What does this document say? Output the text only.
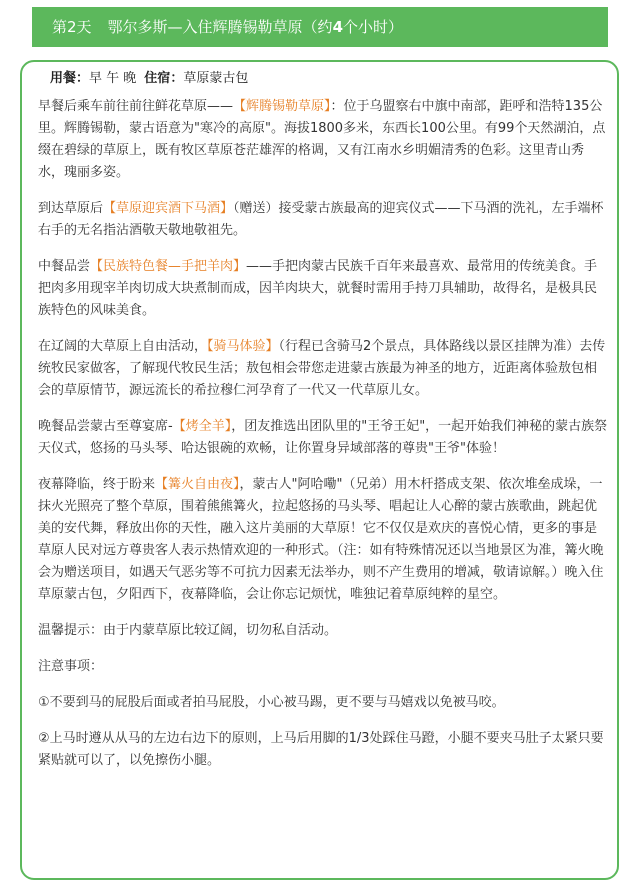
第2天 鄂尔多斯—入住辉腾锡勒草原（约4个小时）
用餐：早 午 晚 住宿：草原蒙古包

早餐后乘车前往前往鲜花草原——【辉腾锡勒草原】：位于乌盟察右中旗中南部，距呼和浩特135公里。辉腾锡勒，蒙古语意为"寒冷的高原"。海拔1800多米，东西长100公里。有99个天然湖泊，点缀在碧绿的草原上，既有牧区草原苍茫雄浑的格调，又有江南水乡明媚清秀的色彩。这里青山秀水，瑰丽多姿。

到达草原后【草原迎宾酒下马酒】（赠送）接受蒙古族最高的迎宾仪式——下马酒的洗礼，左手端杯右手的无名指沾酒敬天敬地敬祖先。

中餐品尝【民族特色餐—手把羊肉】——手把肉蒙古民族千百年来最喜欢、最常用的传统美食。手把肉多用现宰羊肉切成大块煮制而成，因羊肉块大，就餐时需用手持刀具辅助，故得名，是极具民族特色的风味美食。

在辽阔的大草原上自由活动，【骑马体验】（行程已含骑马2个景点，具体路线以景区挂牌为准）去传统牧民家做客，了解现代牧民生活；敖包相会带您走进蒙古族最为神圣的地方，近距离体验敖包相会的草原情节，源远流长的希拉穆仁河孕育了一代又一代草原儿女。

晚餐品尝蒙古至尊宴席-【烤全羊】，团友推选出团队里的"王爷王妃"，一起开始我们神秘的蒙古族祭天仪式，悠扬的马头琴、哈达银碗的欢畅，让你置身异域部落的尊贵"王爷"体验！

夜幕降临，终于盼来【篝火自由夜】，蒙古人"阿哈嘞"（兄弟）用木杆搭成支架、依次堆垒成垛，一抹火光照亮了整个草原，围着熊熊篝火，拉起悠扬的马头琴、唱起让人心醉的蒙古族歌曲，跳起优美的安代舞，释放出你的天性，融入这片美丽的大草原！它不仅仅是欢庆的喜悦心情，更多的事是草原人民对远方尊贵客人表示热情欢迎的一种形式。（注：如有特殊情况还以当地景区为准，篝火晚会为赠送项目，如遇天气恶劣等不可抗力因素无法举办，则不产生费用的增减，敬请谅解。）晚入住草原蒙古包，夕阳西下，夜幕降临，会让你忘记烦忧，唯独记着草原纯粹的星空。

温馨提示：由于内蒙草原比较辽阔，切勿私自活动。

注意事项：

①不要到马的屁股后面或者拍马屁股，小心被马踢，更不要与马嬉戏以免被马咬。

②上马时遵从从马的左边右边下的原则，上马后用脚的1/3处踩住马蹬，小腿不要夹马肚子太紧只要紧贴就可以了，以免擦伤小腿。
